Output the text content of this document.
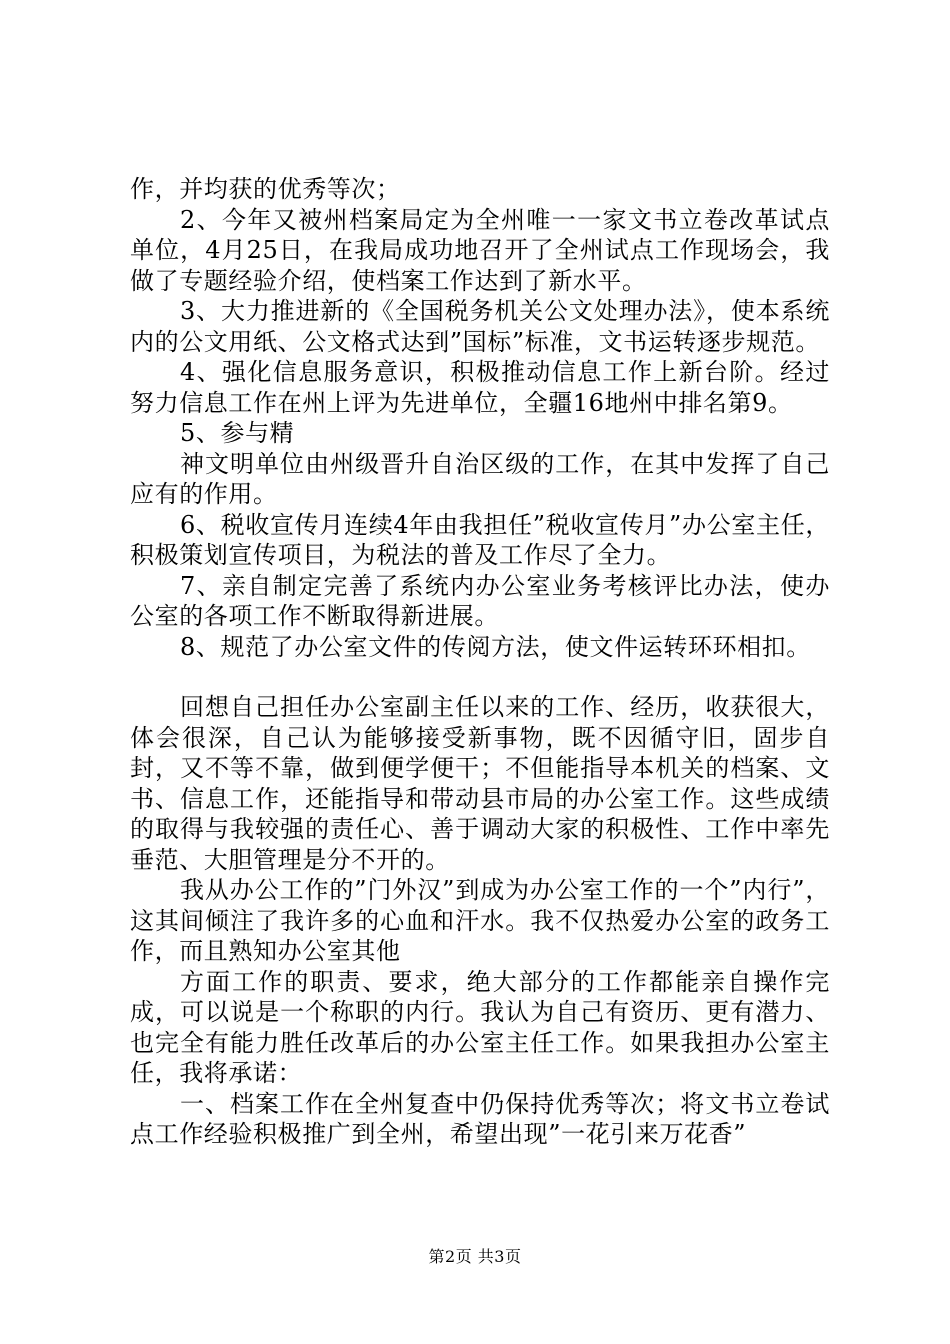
作，并均获的优秀等次；

2、今年又被州档案局定为全州唯一一家文书立卷改革试点单位，4月25日，在我局成功地召开了全州试点工作现场会，我做了专题经验介绍，使档案工作达到了新水平。

3、大力推进新的《全国税务机关公文处理办法》，使本系统内的公文用纸、公文格式达到”国标”标准，文书运转逐步规范。

4、强化信息服务意识，积极推动信息工作上新台阶。经过努力信息工作在州上评为先进单位，全疆16地州中排名第9。

5、参与精

神文明单位由州级晋升自治区级的工作，在其中发挥了自己应有的作用。

6、税收宣传月连续4年由我担任”税收宣传月”办公室主任，积极策划宣传项目，为税法的普及工作尽了全力。

7、亲自制定完善了系统内办公室业务考核评比办法，使办公室的各项工作不断取得新进展。

8、规范了办公室文件的传阅方法，使文件运转环环相扣。

回想自己担任办公室副主任以来的工作、经历，收获很大，体会很深，自己认为能够接受新事物，既不因循守旧，固步自封，又不等不靠，做到便学便干；不但能指导本机关的档案、文书、信息工作，还能指导和带动县市局的办公室工作。这些成绩的取得与我较强的责任心、善于调动大家的积极性、工作中率先垂范、大胆管理是分不开的。

我从办公工作的”门外汉”到成为办公室工作的一个”内行”，这其间倾注了我许多的心血和汗水。我不仅热爱办公室的政务工作，而且熟知办公室其他

方面工作的职责、要求，绝大部分的工作都能亲自操作完成，可以说是一个称职的内行。我认为自己有资历、更有潜力、也完全有能力胜任改革后的办公室主任工作。如果我担办公室主任，我将承诺：

一、档案工作在全州复查中仍保持优秀等次；将文书立卷试点工作经验积极推广到全州，希望出现”一花引来万花香”

第2页 共3页
